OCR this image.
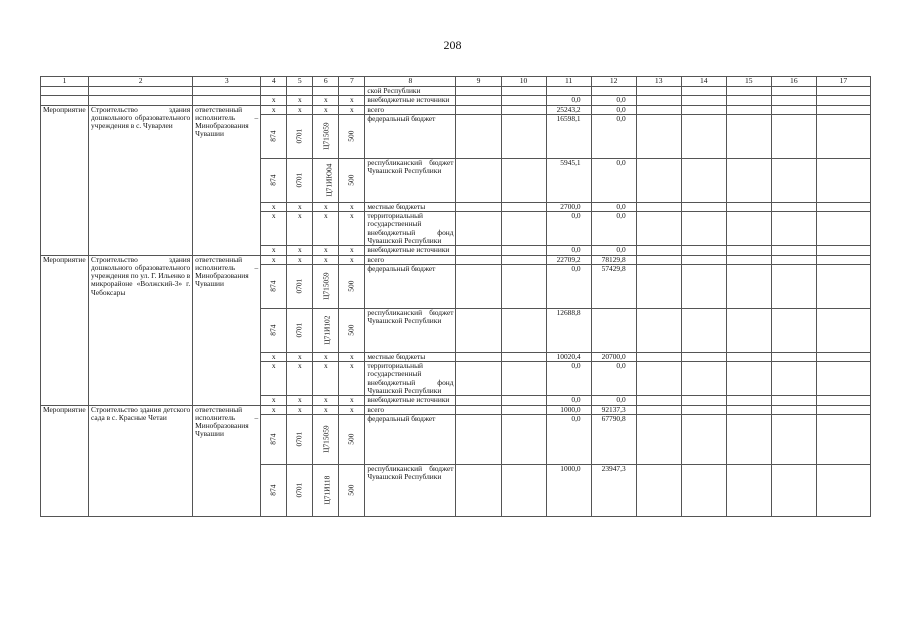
208
1	2	3	4	5	6	7	8	9	10	11	12	13	14	15	16	17
							ской Республики									
			x	x	x	x	внебюджетные источники			0,0	0,0					
Мероприятие	Строительство здания дошкольного образовательного учреждения в с. Чуварлеи	ответственный исполнитель – Минобразования Чувашии	x	x	x	x	всего			25243,2	0,0					
			874	0701	Ц715059	500	федеральный бюджет			16598,1	0,0					
			874	0701	Ц71ИЮ04	500	республиканский бюджет Чувашской Республики			5945,1	0,0					
			x	x	x	x	местные бюджеты			2700,0	0,0					
			x	x	x	x	территориальный государственный внебюджетный фонд Чувашской Республики			0,0	0,0					
			x	x	x	x	внебюджетные источники			0,0	0,0					
Мероприятие	Строительство здания дошкольного образовательного учреждения по ул. Г. Ильенко в микрорайоне «Волжский-3» г. Чебоксары	ответственный исполнитель – Минобразования Чувашии	x	x	x	x	всего			22709,2	78129,8					
			874	0701	Ц715059	500	федеральный бюджет			0,0	57429,8					
			874	0701	Ц71И102	500	республиканский бюджет Чувашской Республики			12688,8						
			x	x	x	x	местные бюджеты			10020,4	20700,0					
			x	x	x	x	территориальный государственный внебюджетный фонд Чувашской Республики			0,0	0,0					
			x	x	x	x	внебюджетные источники			0,0	0,0					
Мероприятие	Строительство здания детского сада в с. Красные Четаи	ответственный исполнитель – Минобразования Чувашии	x	x	x	x	всего			1000,0	92137,3					
			874	0701	Ц715059	500	федеральный бюджет			0,0	67790,8					
			874	0701	Ц71И118	500	республиканский бюджет Чувашской Республики			1000,0	23947,3					
